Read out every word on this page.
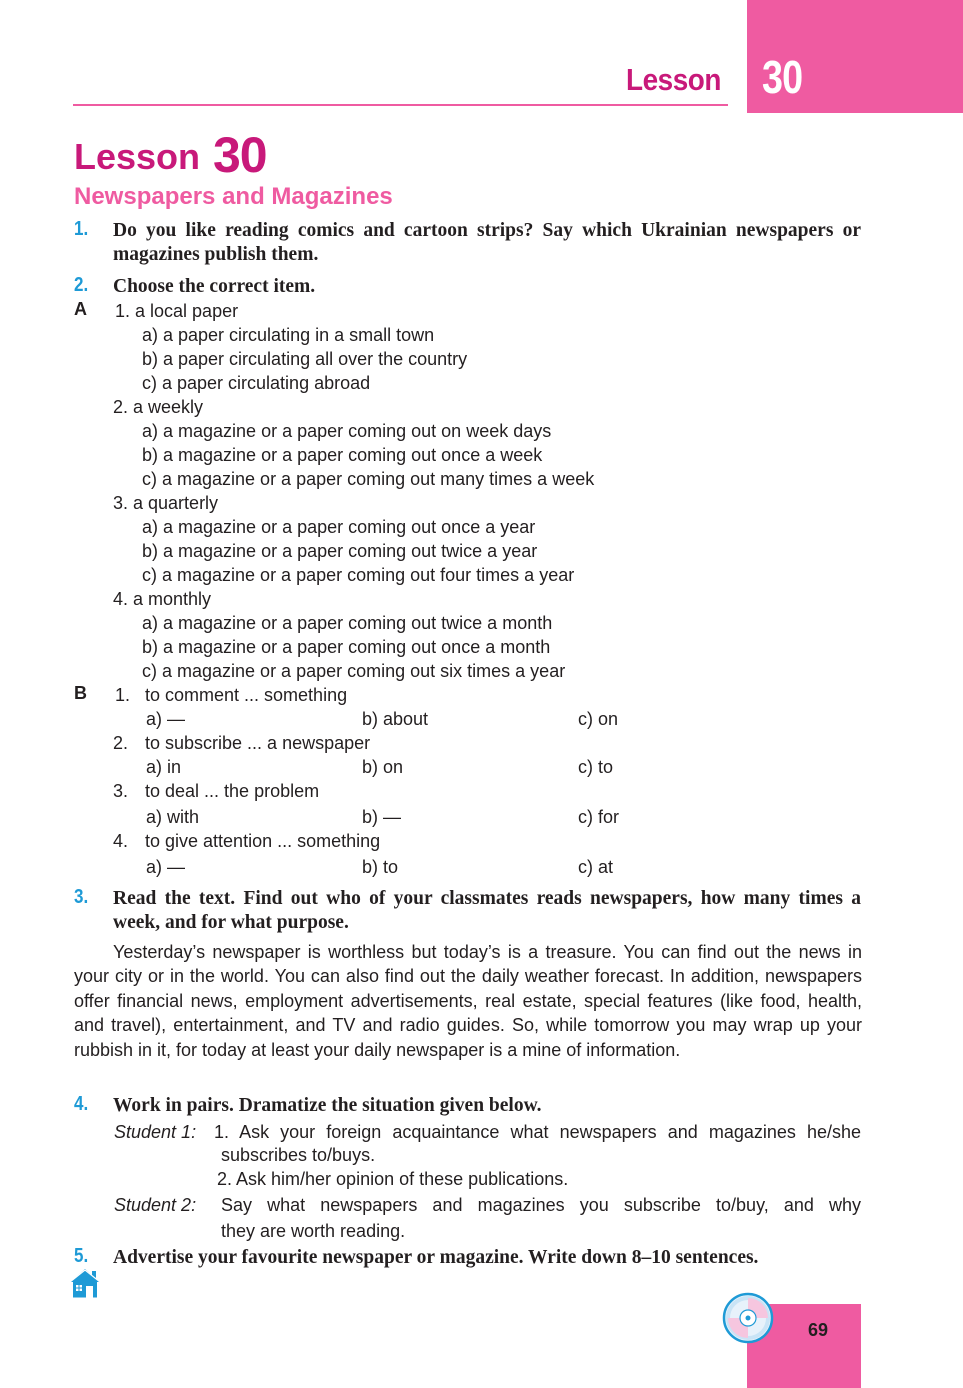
30
Lesson
Lesson 30
Newspapers and Magazines
1. Do you like reading comics and cartoon strips? Say which Ukrainian newspapers or magazines publish them.
2. Choose the correct item.
A 1. a local paper
a) a paper circulating in a small town
b) a paper circulating all over the country
c) a paper circulating abroad
2. a weekly
a) a magazine or a paper coming out on week days
b) a magazine or a paper coming out once a week
c) a magazine or a paper coming out many times a week
3. a quarterly
a) a magazine or a paper coming out once a year
b) a magazine or a paper coming out twice a year
c) a magazine or a paper coming out four times a year
4. a monthly
a) a magazine or a paper coming out twice a month
b) a magazine or a paper coming out once a month
c) a magazine or a paper coming out six times a year
B 1. to comment ... something
a) —	b) about	c) on
2. to subscribe ... a newspaper
a) in	b) on	c) to
3. to deal ... the problem
a) with	b) —	c) for
4. to give attention ... something
a) —	b) to	c) at
3. Read the text. Find out who of your classmates reads newspapers, how many times a week, and for what purpose.
Yesterday’s newspaper is worthless but today’s is a treasure. You can find out the news in your city or in the world. You can also find out the daily weather forecast. In addition, newspapers offer financial news, employment advertisements, real estate, special features (like food, health, and travel), entertainment, and TV and radio guides. So, while tomorrow you may wrap up your rubbish in it, for today at least your daily newspaper is a mine of information.
4. Work in pairs. Dramatize the situation given below.
Student 1: 1. Ask your foreign acquaintance what newspapers and magazines he/she
subscribes to/buys.
2. Ask him/her opinion of these publications.
Student 2: Say what newspapers and magazines you subscribe to/buy, and why
they are worth reading.
5. Advertise your favourite newspaper or magazine. Write down 8–10 sentences.
69
